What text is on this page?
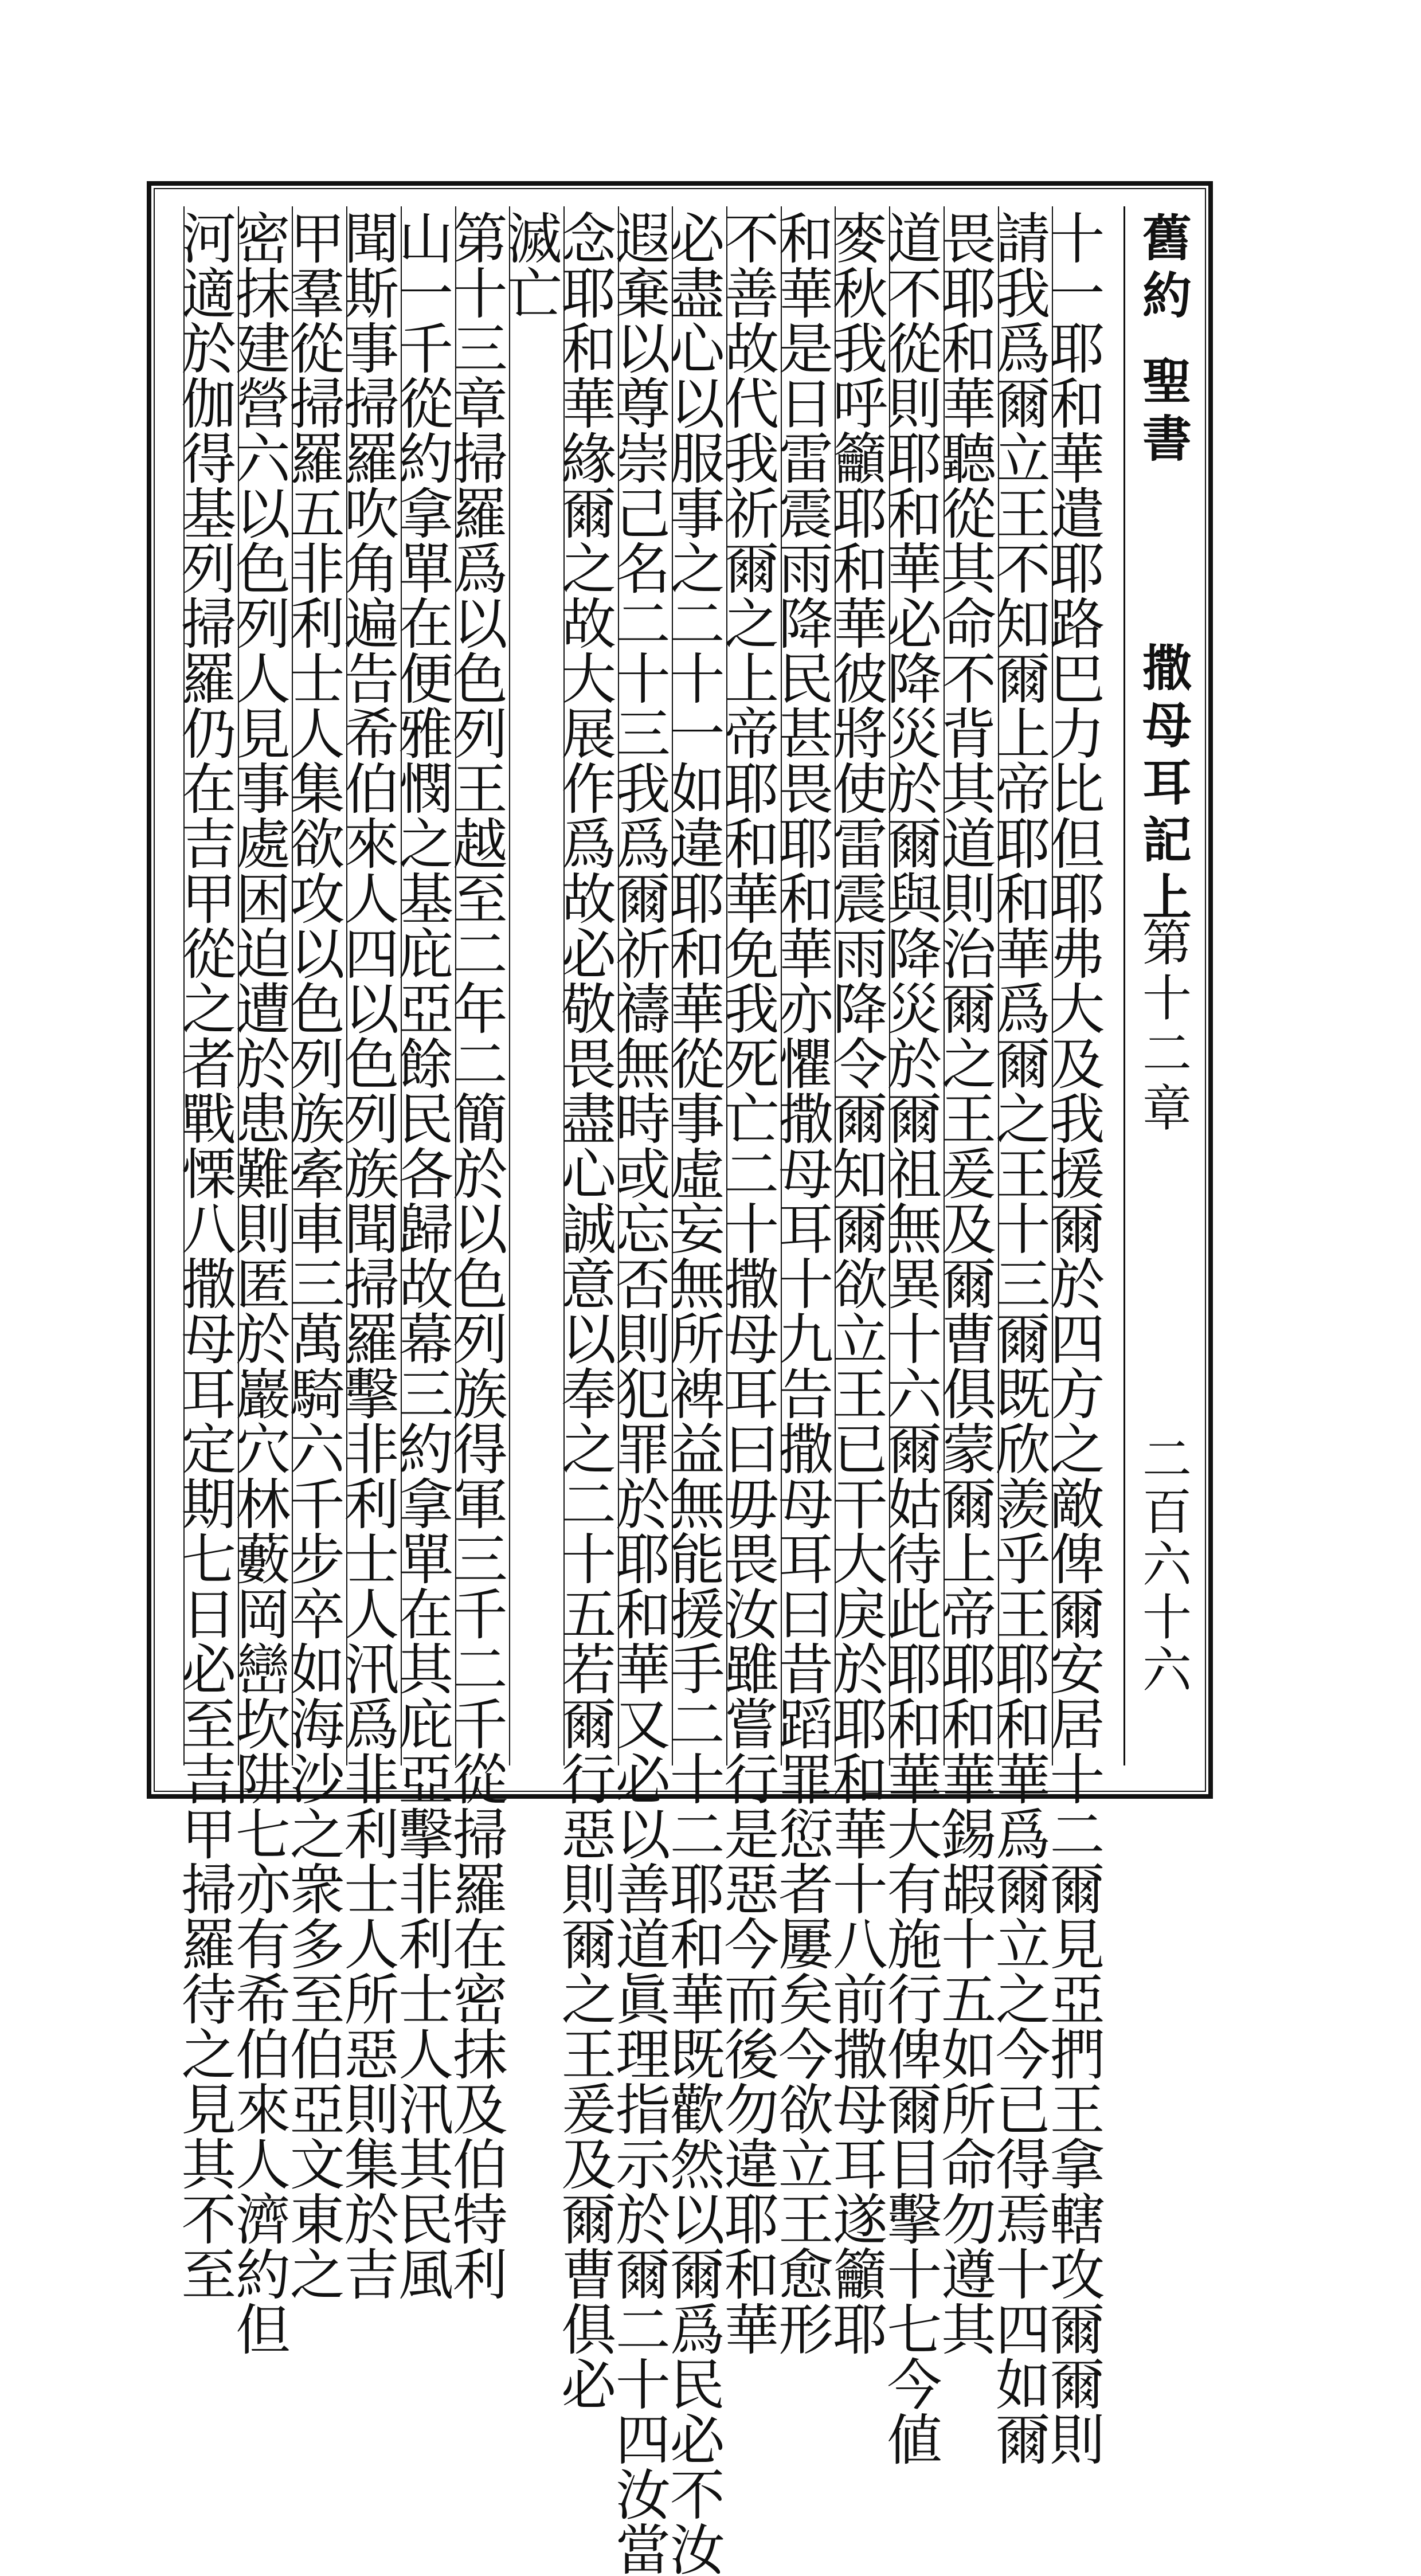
舊約
聖書
撒母耳記上
第十二章
二百六十六
十一耶和華遣耶路巴力比但耶弗大及我援爾於四方之敵俾爾安居十二爾見亞捫王拿轄攻爾爾則
請我爲爾立王不知爾上帝耶和華爲爾之王十三爾既欣羨乎王耶和華爲爾立之今已得焉十四如爾
畏耶和華聽從其命不背其道則治爾之王爰及爾曹俱蒙爾上帝耶和華錫嘏十五如所命勿遵其
道不從則耶和華必降災於爾與降災於爾祖無異十六爾姑待此耶和華大有施行俾爾目擊十七今値
麥秋我呼籲耶和華彼將使雷震雨降令爾知爾欲立王已干大戾於耶和華十八前撒母耳遂籲耶
和華是日雷震雨降民甚畏耶和華亦懼撒母耳十九告撒母耳曰昔蹈罪愆者屢矣今欲立王愈形
不善故代我祈爾之上帝耶和華免我死亡二十撒母耳曰毋畏汝雖嘗行是惡今而後勿違耶和華
必盡心以服事之二十一如違耶和華從事虛妄無所裨益無能援手二十二耶和華既歡然以爾爲民必不汝
遐棄以尊崇己名二十三我爲爾祈禱無時或忘否則犯罪於耶和華又必以善道眞理指示於爾二十四汝當
念耶和華緣爾之故大展作爲故必敬畏盡心誠意以奉之二十五若爾行惡則爾之王爰及爾曹俱必
滅亡
第十三章掃羅爲以色列王越至二年二簡於以色列族得軍三千二千從掃羅在密抹及伯特利
山一千從約拿單在便雅憫之基庇亞餘民各歸故幕三約拿單在其庇亞擊非利士人汛其民風
聞斯事掃羅吹角遍告希伯來人四以色列族聞掃羅擊非利士人汛爲非利士人所惡則集於吉
甲羣從掃羅五非利士人集欲攻以色列族牽車三萬騎六千步卒如海沙之衆多至伯亞文東之
密抹建營六以色列人見事處困迫遭於患難則匿於巖穴林藪岡巒坎阱七亦有希伯來人濟約但
河適於伽得基列掃羅仍在吉甲從之者戰慄八撒母耳定期七日必至吉甲掃羅待之見其不至
